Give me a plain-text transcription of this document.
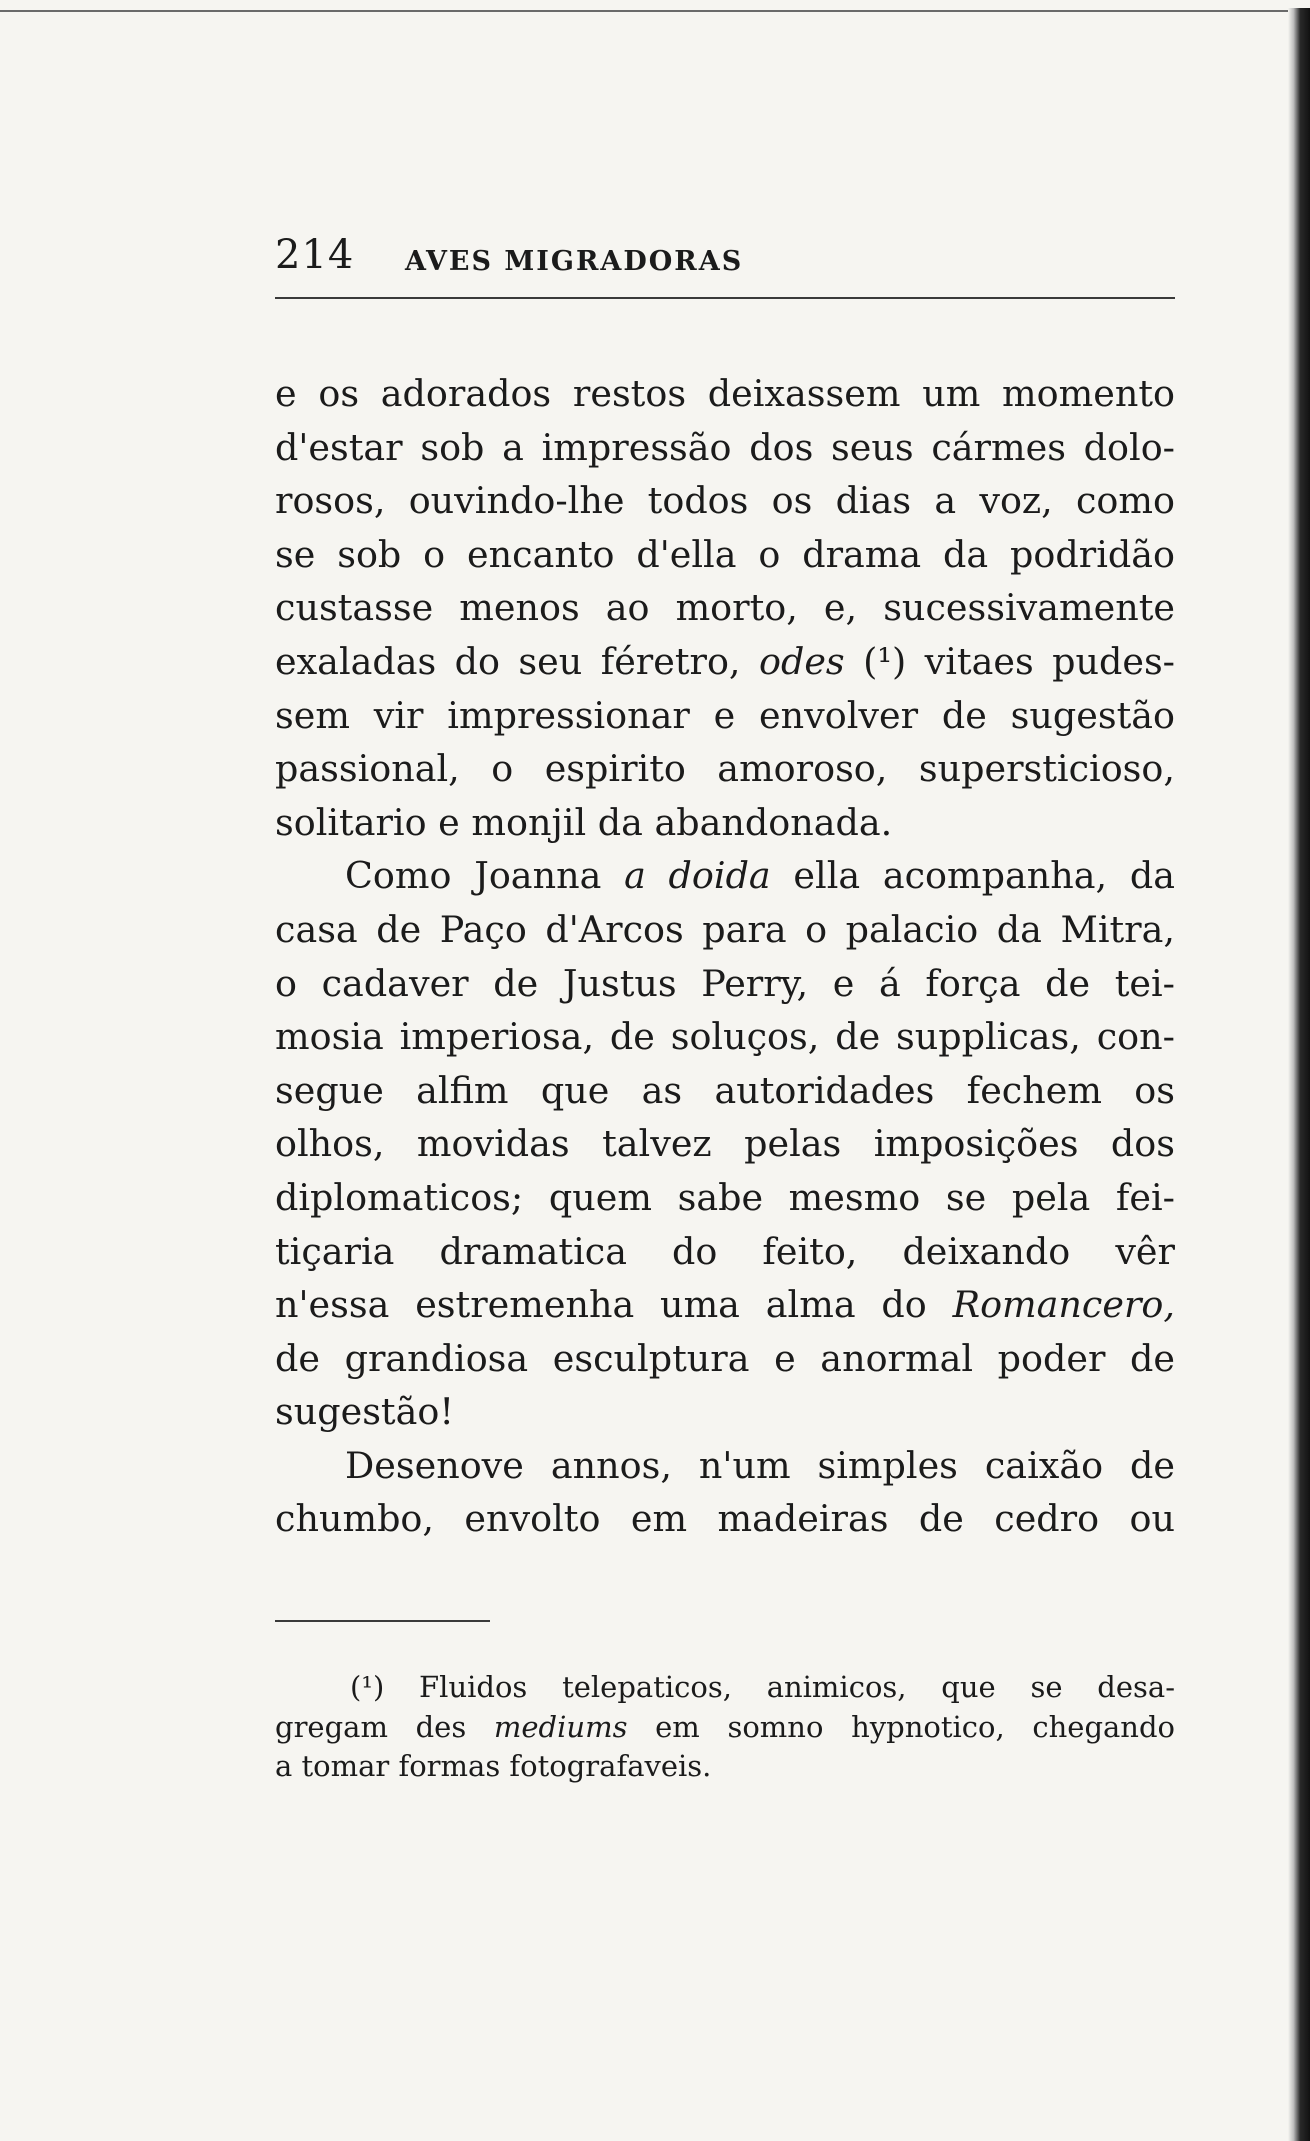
214 AVES MIGRADORAS
e os adorados restos deixassem um momento
d'estar sob a impressão dos seus cármes dolo-
rosos, ouvindo-lhe todos os dias a voz, como
se sob o encanto d'ella o drama da podridão
custasse menos ao morto, e, sucessivamente
exaladas do seu féretro, odes (¹) vitaes pudes-
sem vir impressionar e envolver de sugestão
passional, o espirito amoroso, supersticioso,
solitario e monjil da abandonada.
Como Joanna a doida ella acompanha, da
casa de Paço d'Arcos para o palacio da Mitra,
o cadaver de Justus Perry, e á força de tei-
mosia imperiosa, de soluços, de supplicas, con-
segue alfim que as autoridades fechem os
olhos, movidas talvez pelas imposições dos
diplomaticos; quem sabe mesmo se pela fei-
tiçaria dramatica do feito, deixando vêr
n'essa estremenha uma alma do Romancero,
de grandiosa esculptura e anormal poder de
sugestão!
Desenove annos, n'um simples caixão de
chumbo, envolto em madeiras de cedro ou
(¹) Fluidos telepaticos, animicos, que se desa-
gregam des mediums em somno hypnotico, chegando
a tomar formas fotografaveis.
